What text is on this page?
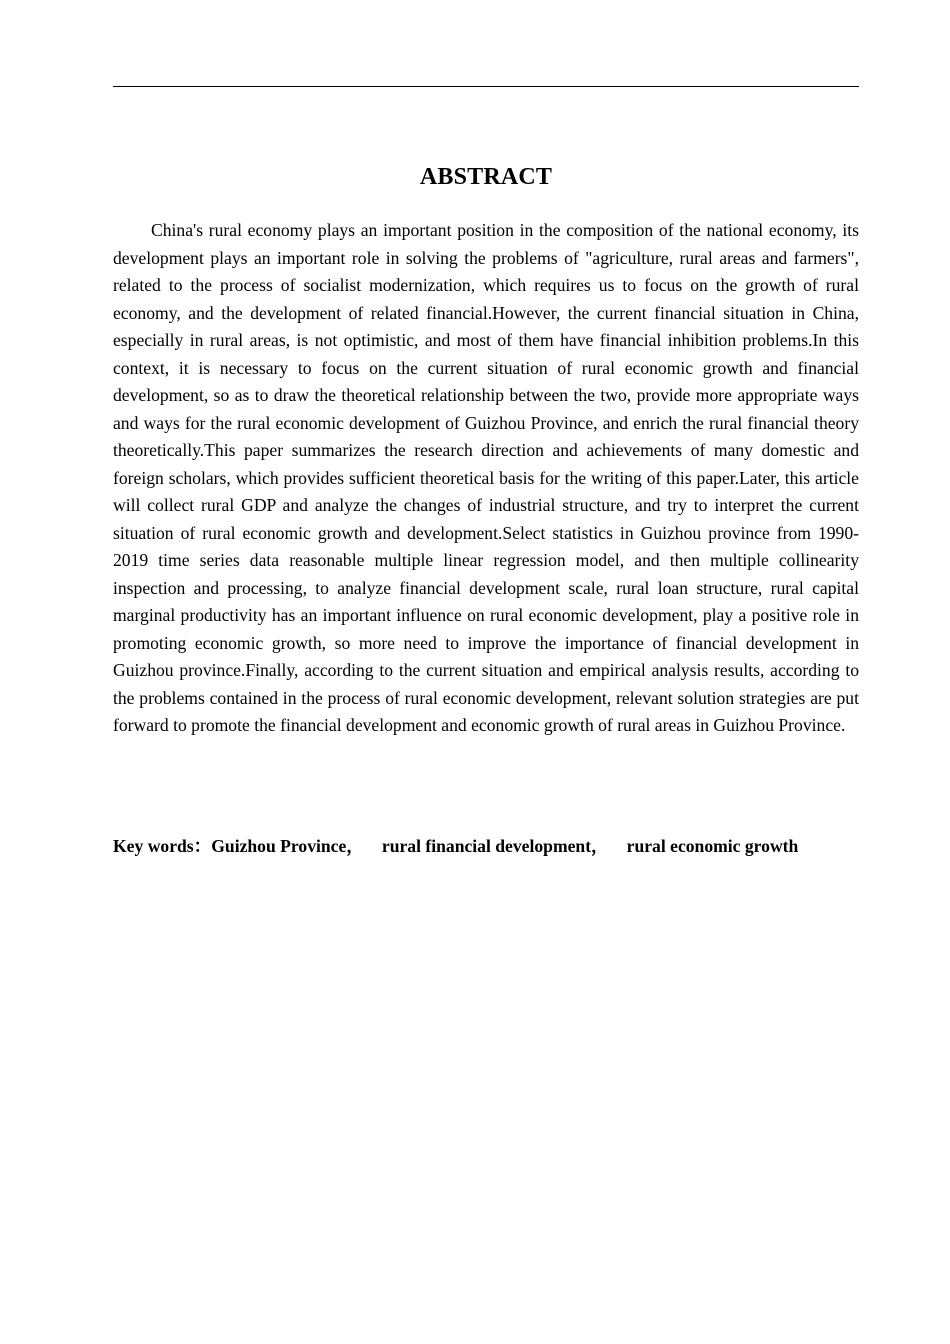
ABSTRACT

China's rural economy plays an important position in the composition of the national economy, its development plays an important role in solving the problems of "agriculture, rural areas and farmers", related to the process of socialist modernization, which requires us to focus on the growth of rural economy, and the development of related financial.However, the current financial situation in China, especially in rural areas, is not optimistic, and most of them have financial inhibition problems.In this context, it is necessary to focus on the current situation of rural economic growth and financial development, so as to draw the theoretical relationship between the two, provide more appropriate ways and ways for the rural economic development of Guizhou Province, and enrich the rural financial theory theoretically.This paper summarizes the research direction and achievements of many domestic and foreign scholars, which provides sufficient theoretical basis for the writing of this paper.Later, this article will collect rural GDP and analyze the changes of industrial structure, and try to interpret the current situation of rural economic growth and development.Select statistics in Guizhou province from 1990-2019 time series data reasonable multiple linear regression model, and then multiple collinearity inspection and processing, to analyze financial development scale, rural loan structure, rural capital marginal productivity has an important influence on rural economic development, play a positive role in promoting economic growth, so more need to improve the importance of financial development in Guizhou province.Finally, according to the current situation and empirical analysis results, according to the problems contained in the process of rural economic development, relevant solution strategies are put forward to promote the financial development and economic growth of rural areas in Guizhou Province.

Key words：Guizhou Province， rural financial development， rural economic growth
